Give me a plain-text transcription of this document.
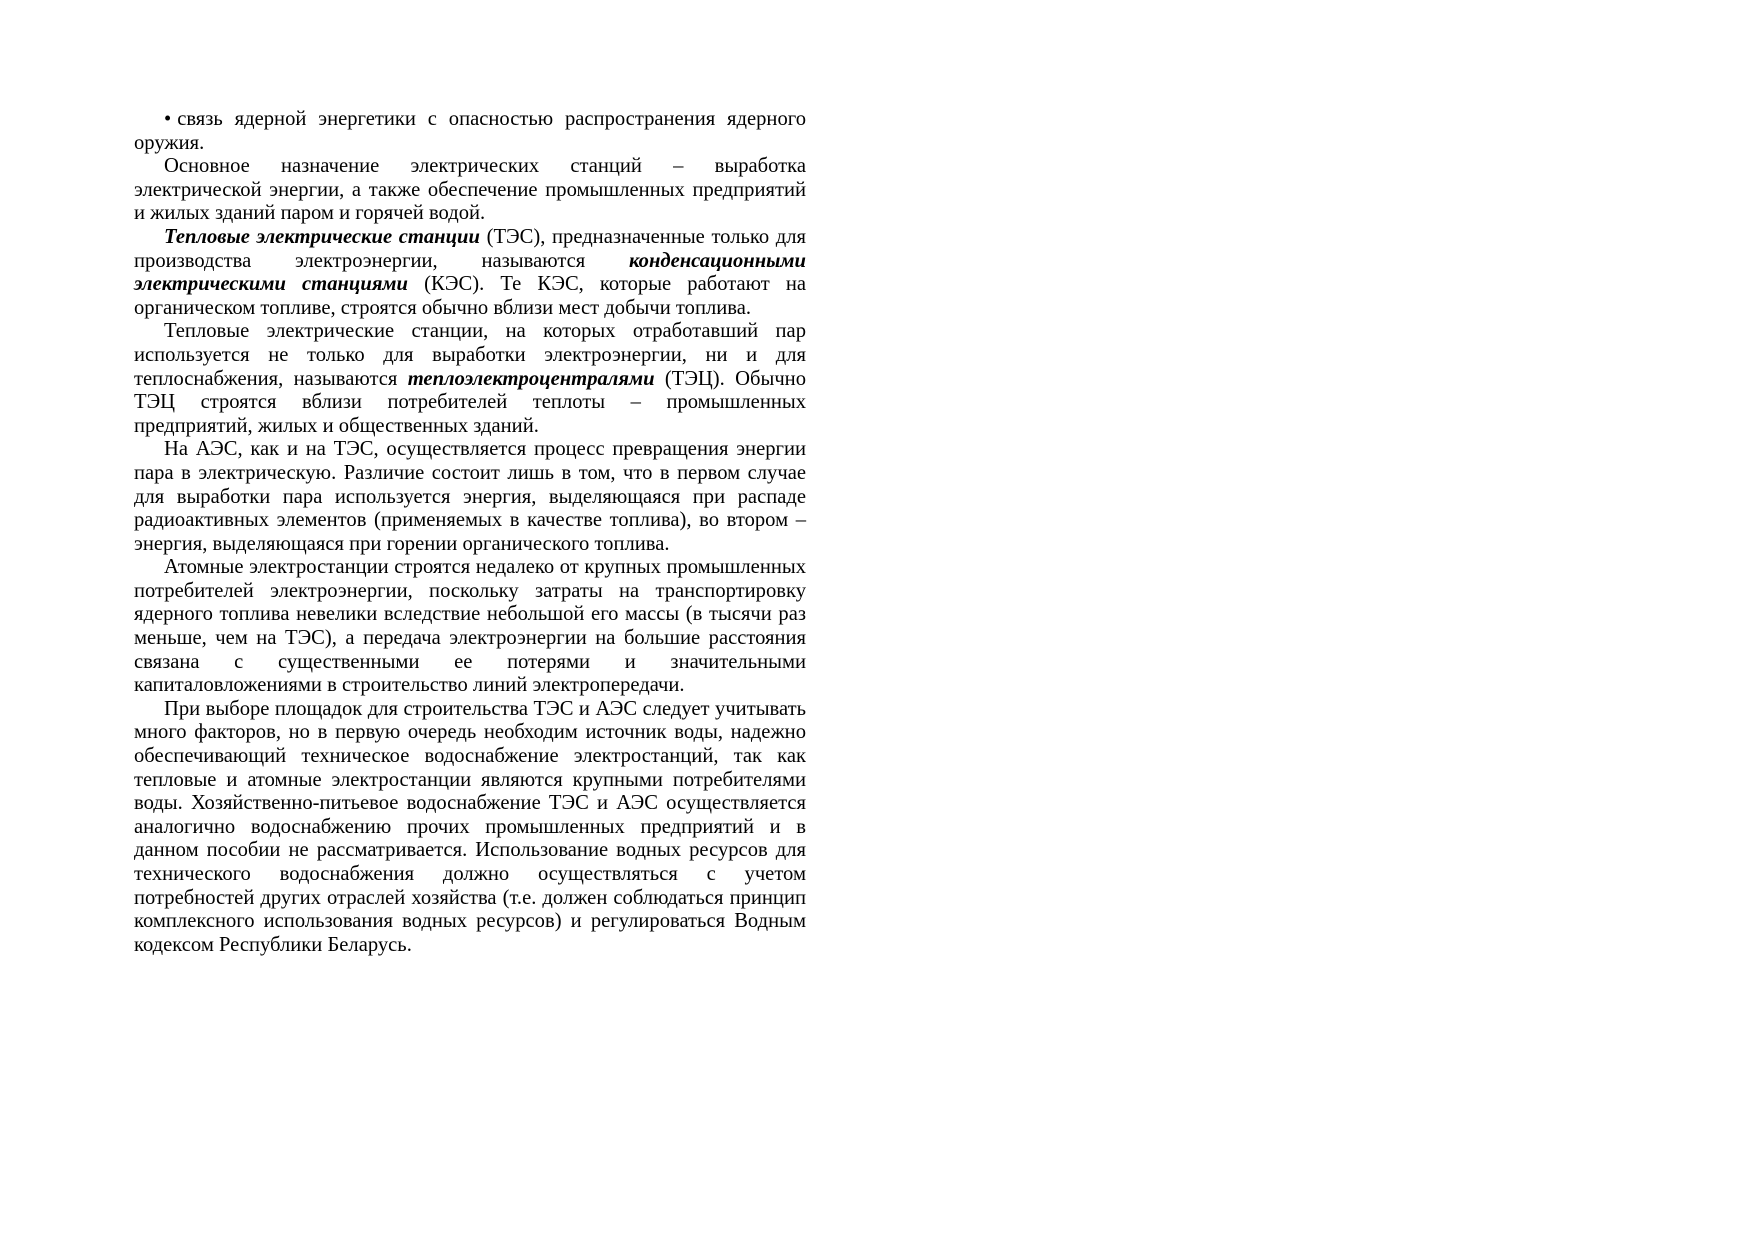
• связь ядерной энергетики с опасностью распространения ядерного оружия.

Основное назначение электрических станций – выработка электрической энергии, а также обеспечение промышленных предприятий и жилых зданий паром и горячей водой.

Тепловые электрические станции (ТЭС), предназначенные только для производства электроэнергии, называются конденсационными электрическими станциями (КЭС). Те КЭС, которые работают на органическом топливе, строятся обычно вблизи мест добычи топлива.

Тепловые электрические станции, на которых отработавший пар используется не только для выработки электроэнергии, ни и для теплоснабжения, называются теплоэлектроцентралями (ТЭЦ). Обычно ТЭЦ строятся вблизи потребителей теплоты – промышленных предприятий, жилых и общественных зданий.

На АЭС, как и на ТЭС, осуществляется процесс превращения энергии пара в электрическую. Различие состоит лишь в том, что в первом случае для выработки пара используется энергия, выделяющаяся при распаде радиоактивных элементов (применяемых в качестве топлива), во втором – энергия, выделяющаяся при горении органического топлива.

Атомные электростанции строятся недалеко от крупных промышленных потребителей электроэнергии, поскольку затраты на транспортировку ядерного топлива невелики вследствие небольшой его массы (в тысячи раз меньше, чем на ТЭС), а передача электроэнергии на большие расстояния связана с существенными ее потерями и значительными капиталовложениями в строительство линий электропередачи.

При выборе площадок для строительства ТЭС и АЭС следует учитывать много факторов, но в первую очередь необходим источник воды, надежно обеспечивающий техническое водоснабжение электростанций, так как тепловые и атомные электростанции являются крупными потребителями воды. Хозяйственно-питьевое водоснабжение ТЭС и АЭС осуществляется аналогично водоснабжению прочих промышленных предприятий и в данном пособии не рассматривается. Использование водных ресурсов для технического водоснабжения должно осуществляться с учетом потребностей других отраслей хозяйства (т.е. должен соблюдаться принцип комплексного использования водных ресурсов) и регулироваться Водным кодексом Республики Беларусь.
